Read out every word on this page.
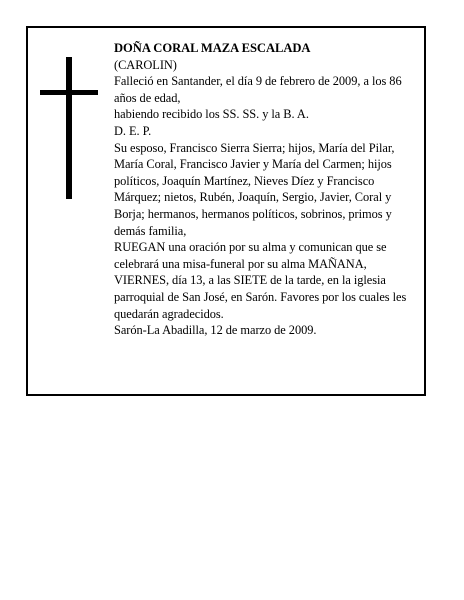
DOÑA CORAL MAZA ESCALADA

(CAROLIN)

Falleció en Santander, el día 9 de febrero de 2009, a los 86 años de edad,

habiendo recibido los SS. SS. y la B. A.

D. E. P.

Su esposo, Francisco Sierra Sierra; hijos, María del Pilar, María Coral, Francisco Javier y María del Carmen; hijos políticos, Joaquín Martínez, Nieves Díez y Francisco Márquez; nietos, Rubén, Joaquín, Sergio, Javier, Coral y Borja; hermanos, hermanos políticos, sobrinos, primos y demás familia,

RUEGAN una oración por su alma y comunican que se celebrará una misa-funeral por su alma MAÑANA, VIERNES, día 13, a las SIETE de la tarde, en la iglesia parroquial de San José, en Sarón. Favores por los cuales les quedarán agradecidos.

Sarón-La Abadilla, 12 de marzo de 2009.
